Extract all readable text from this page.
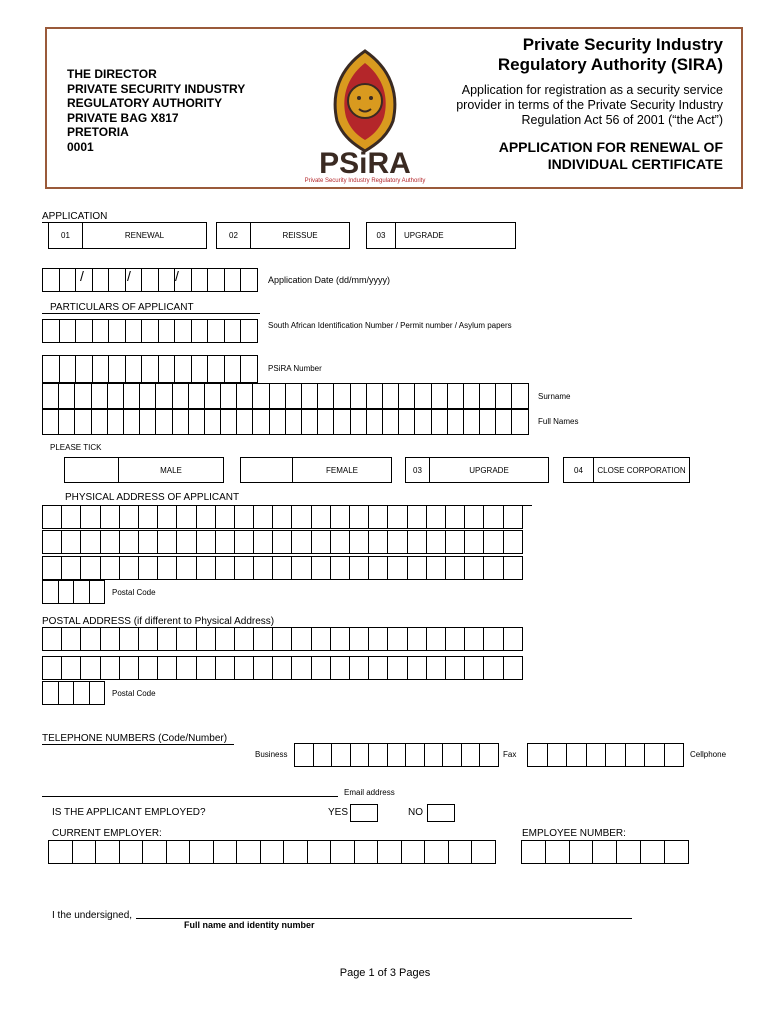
THE DIRECTOR
PRIVATE SECURITY INDUSTRY
REGULATORY AUTHORITY
PRIVATE BAG X817
PRETORIA
0001
PSiRA
Private Security Industry Regulatory Authority
Private Security Industry
Regulatory Authority (SIRA)
Application for registration as a security service provider in terms of the Private Security Industry Regulation Act 56 of 2001 (“the Act”)
APPLICATION FOR RENEWAL OF
INDIVIDUAL CERTIFICATE
APPLICATION
01	RENEWAL	02	REISSUE	03	UPGRADE
/	/	/	Application Date (dd/mm/yyyy)
PARTICULARS OF APPLICANT
South African Identification Number / Permit number / Asylum papers
PSiRA Number
Surname
Full Names
PLEASE TICK
MALE	FEMALE	03	UPGRADE	04	CLOSE CORPORATION
PHYSICAL ADDRESS OF APPLICANT
Postal Code
POSTAL ADDRESS (if different to Physical Address)
Postal Code
TELEPHONE NUMBERS (Code/Number)
Business	Fax	Cellphone
Email address
IS THE APPLICANT EMPLOYED?	YES	NO
CURRENT EMPLOYER:	EMPLOYEE NUMBER:
I the undersigned,
Full name and identity number
Page 1 of 3 Pages
